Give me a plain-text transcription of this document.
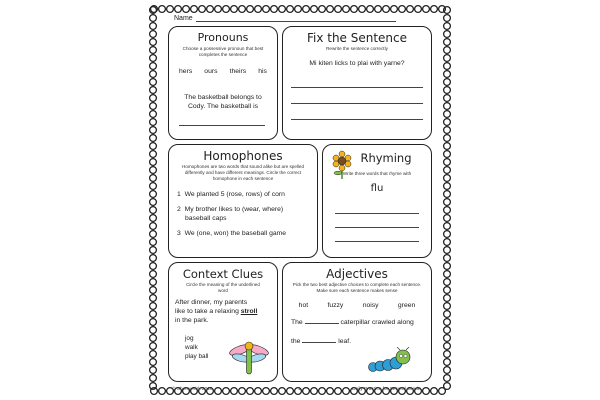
Name
Pronouns
Choose a possessive pronoun that best completes the sentence
hers ours theirs his
The basketball belongs to
Cody. The basketball is
Fix the Sentence
Rewrite the sentence correctly
Mi kiten licks to plai with yarne?
Homophones
Homophones are two words that sound alike but are spelled differently and have different meanings. Circle the correct homophone in each sentence
1 We planted 5 (rose, rows) of corn
2 My brother likes to (wear, where)
baseball caps
3 We (one, won) the baseball game
Rhyming
Write three words that rhyme with
flu
Context Clues
Circle the meaning of the underlined word
After dinner, my parents
like to take a relaxing stroll
in the park.
jog
walk
play ball
Adjectives
Pick the two best adjective choices to complete each sentence. Make sure each sentence makes sense
hot	fuzzy	noisy	green
The	caterpillar crawled along
the	leaf.
© Sherry Kirk 2016	1	Daily Practice for Second Grade
